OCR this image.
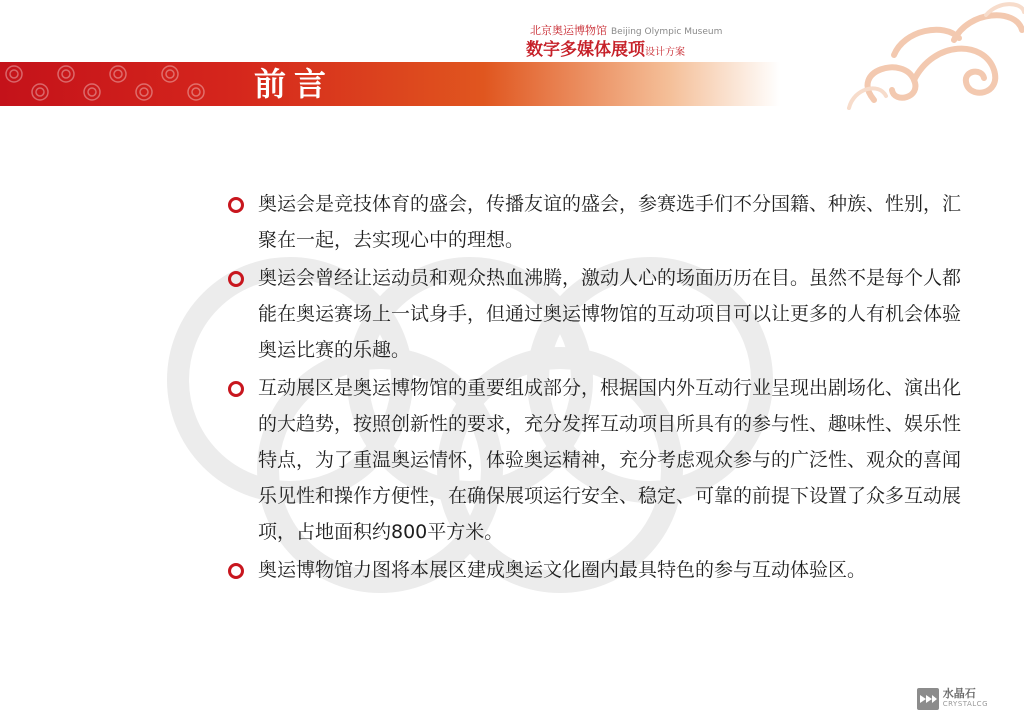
北京奥运博物馆 Beijing Olympic Museum
数字多媒体展项设计方案
前言
奥运会是竞技体育的盛会，传播友谊的盛会，参赛选手们不分国籍、种族、性别，汇聚在一起，去实现心中的理想。
奥运会曾经让运动员和观众热血沸腾，激动人心的场面历历在目。虽然不是每个人都能在奥运赛场上一试身手，但通过奥运博物馆的互动项目可以让更多的人有机会体验奥运比赛的乐趣。
互动展区是奥运博物馆的重要组成部分，根据国内外互动行业呈现出剧场化、演出化的大趋势，按照创新性的要求，充分发挥互动项目所具有的参与性、趣味性、娱乐性特点，为了重温奥运情怀，体验奥运精神，充分考虑观众参与的广泛性、观众的喜闻乐见性和操作方便性，在确保展项运行安全、稳定、可靠的前提下设置了众多互动展项，占地面积约800平方米。
奥运博物馆力图将本展区建成奥运文化圈内最具特色的参与互动体验区。
水晶石
CRYSTALCG
